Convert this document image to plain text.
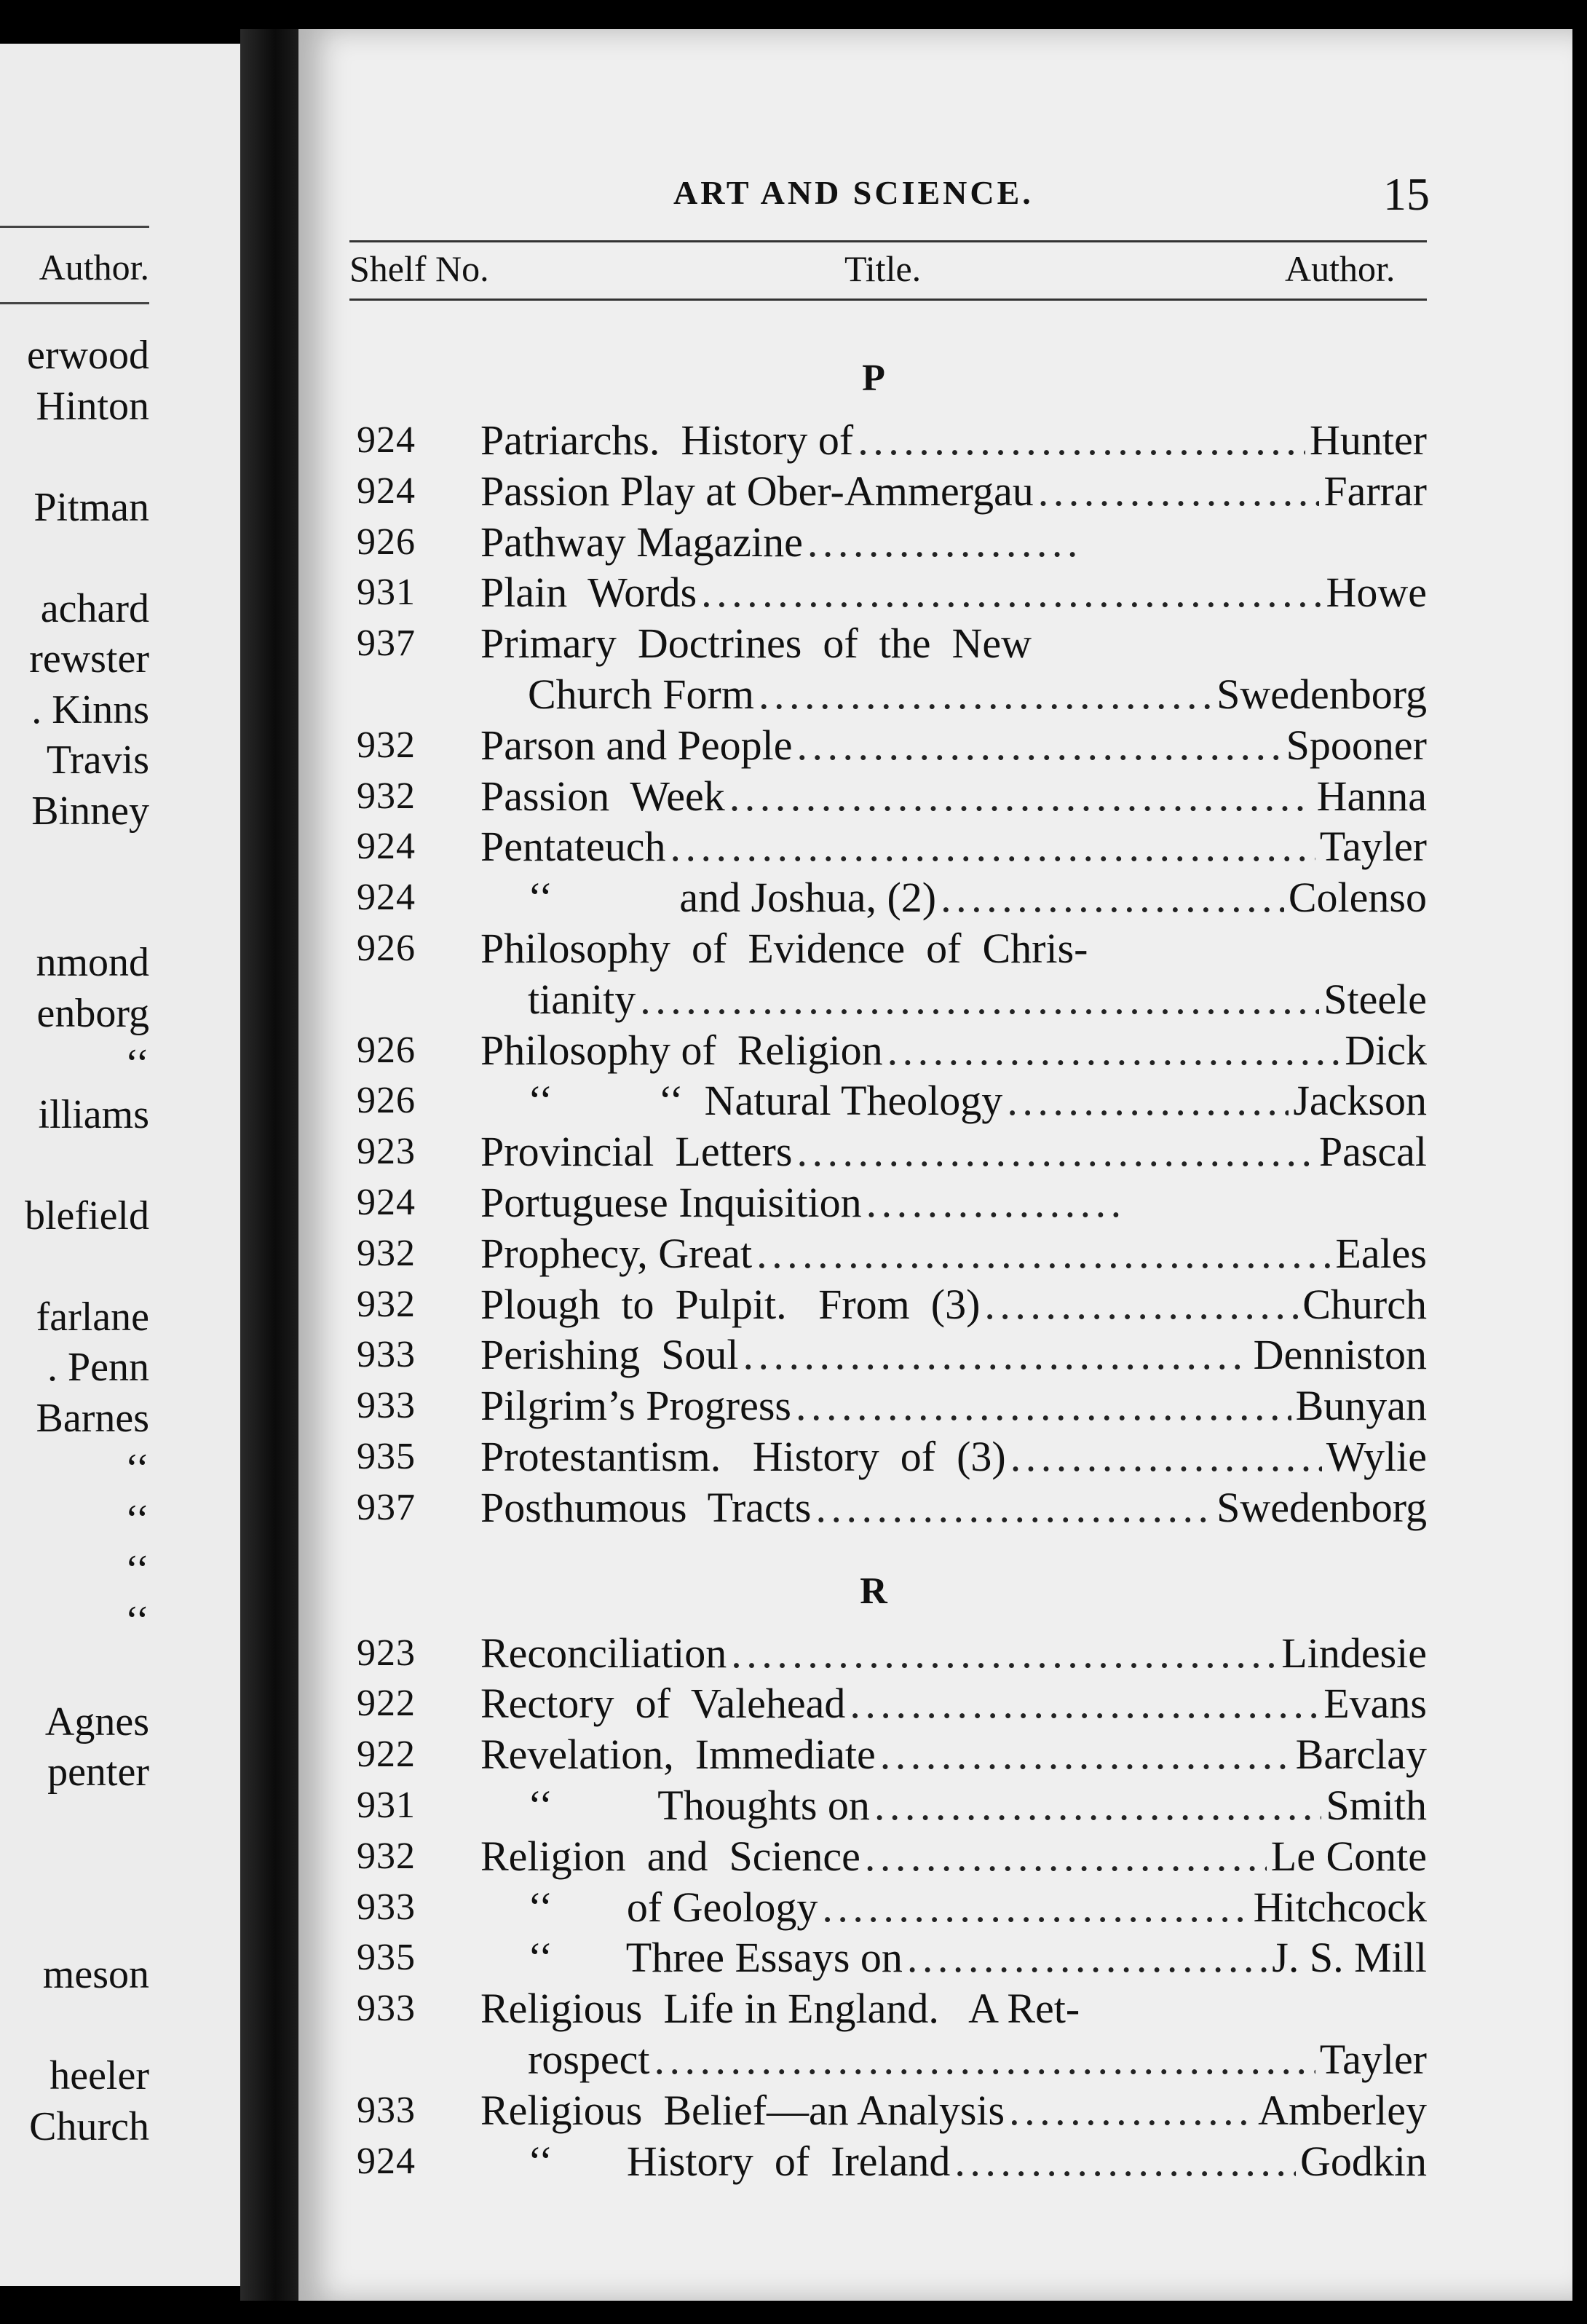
Author.
erwood
Hinton
Pitman
achard
rewster
. Kinns
Travis
Binney
nmond
enborg
‘‘
illiams
blefield
farlane
. Penn
Barnes
‘‘
‘‘
‘‘
‘‘
Agnes
penter
meson
heeler
Church
ART AND SCIENCE.	15
Shelf No.	Title.	Author.
P
924	Patriarchs.  History of . . .	Hunter
924	Passion Play at Ober-Ammergau . . .	Farrar
926	Pathway Magazine
. . .
931	Plain  Words . . .	Howe
937	Primary  Doctrines  of  the  New
Church Form . . .	Swedenborg
932	Parson and People . . .	Spooner
932	Passion  Week . . .	Hanna
924	Pentateuch . . .	Tayler
924	‘‘            and Joshua, (2) . . .	Colenso
926	Philosophy  of  Evidence  of  Chris-
tianity . . .	Steele
926	Philosophy of  Religion . . .	Dick
926	‘‘          ‘‘  Natural Theology . . .	Jackson
923	Provincial  Letters . . .	Pascal
924	Portuguese Inquisition
. . .
932	Prophecy, Great . . .	Eales
932	Plough  to  Pulpit.   From  (3) . . .	Church
933	Perishing  Soul . . .	Denniston
933	Pilgrim’s Progress . . .	Bunyan
935	Protestantism.   History  of  (3) . . .	Wylie
937	Posthumous  Tracts . . .	Swedenborg
R
923	Reconciliation . . .	Lindesie
922	Rectory  of  Valehead . . .	Evans
922	Revelation,  Immediate . . .	Barclay
931	‘‘          Thoughts on . . .	Smith
932	Religion  and  Science . . .	Le Conte
933	‘‘       of Geology . . .	Hitchcock
935	‘‘       Three Essays on . . .	J. S. Mill
933	Religious  Life in England.   A Ret-
rospect . . .	Tayler
933	Religious  Belief—an Analysis . . .	Amberley
924	‘‘       History  of  Ireland . . .	Godkin
